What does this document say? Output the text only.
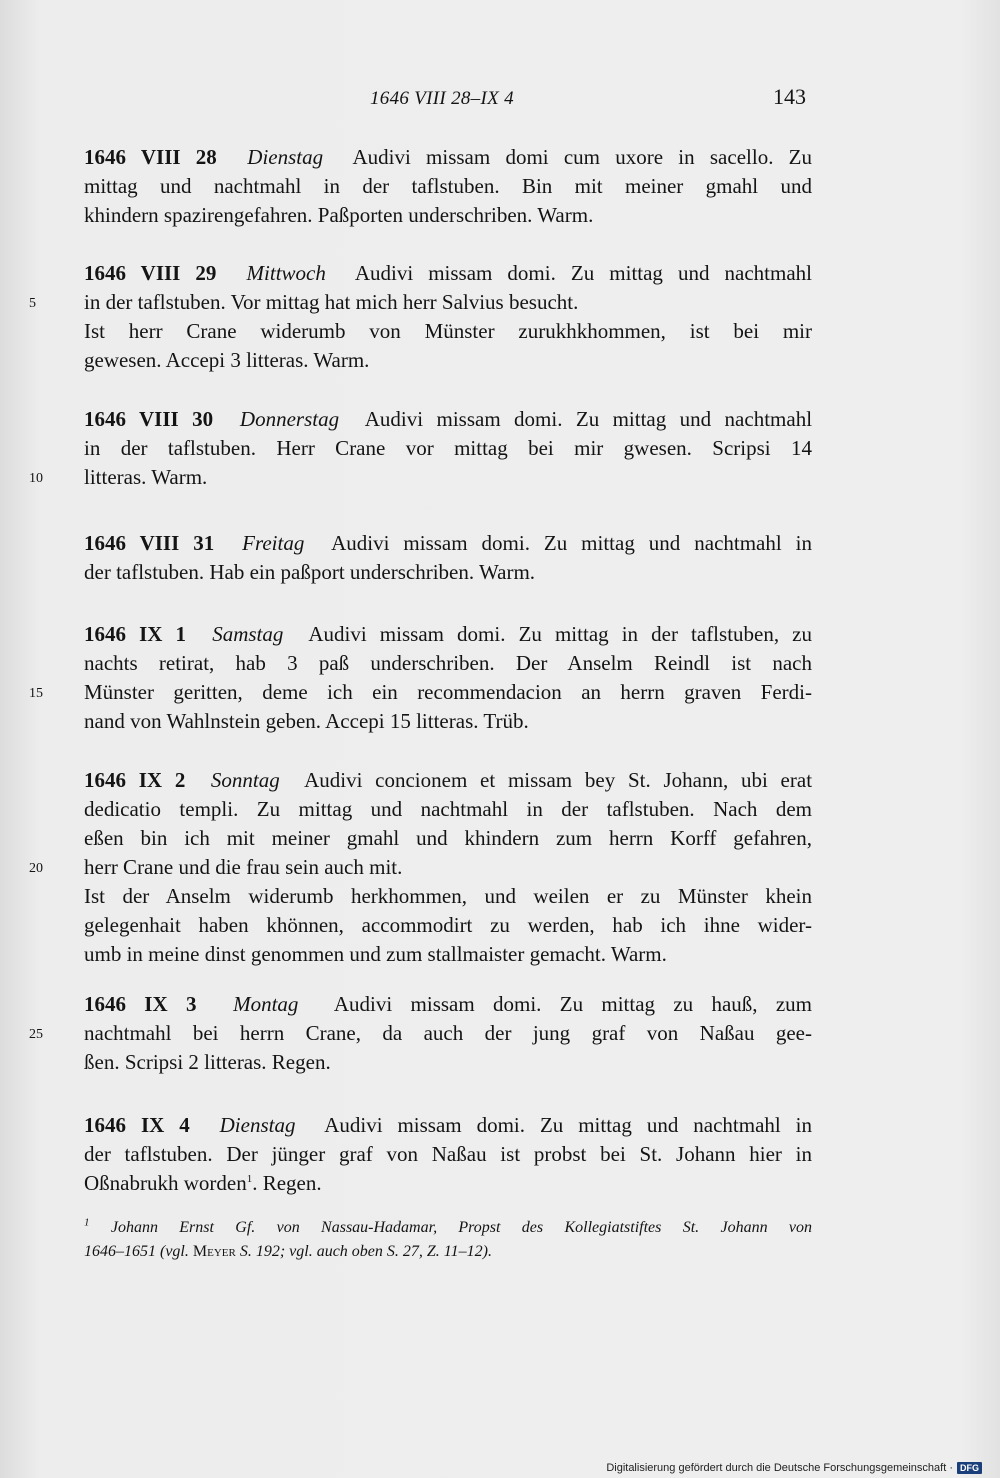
1646 VIII 28–IX 4	143
1646 VIII 28 Dienstag Audivi missam domi cum uxore in sacello. Zu
mittag und nachtmahl in der taflstuben. Bin mit meiner gmahl und
khindern spazirengefahren. Paßporten underschriben. Warm.
1646 VIII 29 Mittwoch Audivi missam domi. Zu mittag und nachtmahl
5	in der taflstuben. Vor mittag hat mich herr Salvius besucht.
Ist herr Crane widerumb von Münster zurukhkhommen, ist bei mir
gewesen. Accepi 3 litteras. Warm.
1646 VIII 30 Donnerstag Audivi missam domi. Zu mittag und nachtmahl
in der taflstuben. Herr Crane vor mittag bei mir gwesen. Scripsi 14
10	litteras. Warm.
1646 VIII 31 Freitag Audivi missam domi. Zu mittag und nachtmahl in
der taflstuben. Hab ein paßport underschriben. Warm.
1646 IX 1 Samstag Audivi missam domi. Zu mittag in der taflstuben, zu
nachts retirat, hab 3 paß underschriben. Der Anselm Reindl ist nach
15	Münster geritten, deme ich ein recommendacion an herrn graven Ferdi-
nand von Wahlnstein geben. Accepi 15 litteras. Trüb.
1646 IX 2 Sonntag Audivi concionem et missam bey St. Johann, ubi erat
dedicatio templi. Zu mittag und nachtmahl in der taflstuben. Nach dem
eßen bin ich mit meiner gmahl und khindern zum herrn Korff gefahren,
20	herr Crane und die frau sein auch mit.
Ist der Anselm widerumb herkhommen, und weilen er zu Münster khein
gelegenhait haben khönnen, accommodirt zu werden, hab ich ihne wider-
umb in meine dinst genommen und zum stallmaister gemacht. Warm.
1646 IX 3 Montag Audivi missam domi. Zu mittag zu hauß, zum
25	nachtmahl bei herrn Crane, da auch der jung graf von Naßau gee-
ßen. Scripsi 2 litteras. Regen.
1646 IX 4 Dienstag Audivi missam domi. Zu mittag und nachtmahl in
der taflstuben. Der jünger graf von Naßau ist probst bei St. Johann hier in
Oßnabrukh worden$^1$. Regen.
$^1$ Johann Ernst Gf. von Nassau-Hadamar, Propst des Kollegiatstiftes St. Johann von
1646–1651 (vgl. Meyer S. 192; vgl. auch oben S. 27, Z. 11–12).
Digitalisierung gefördert durch die Deutsche Forschungsgemeinschaft · DFG
